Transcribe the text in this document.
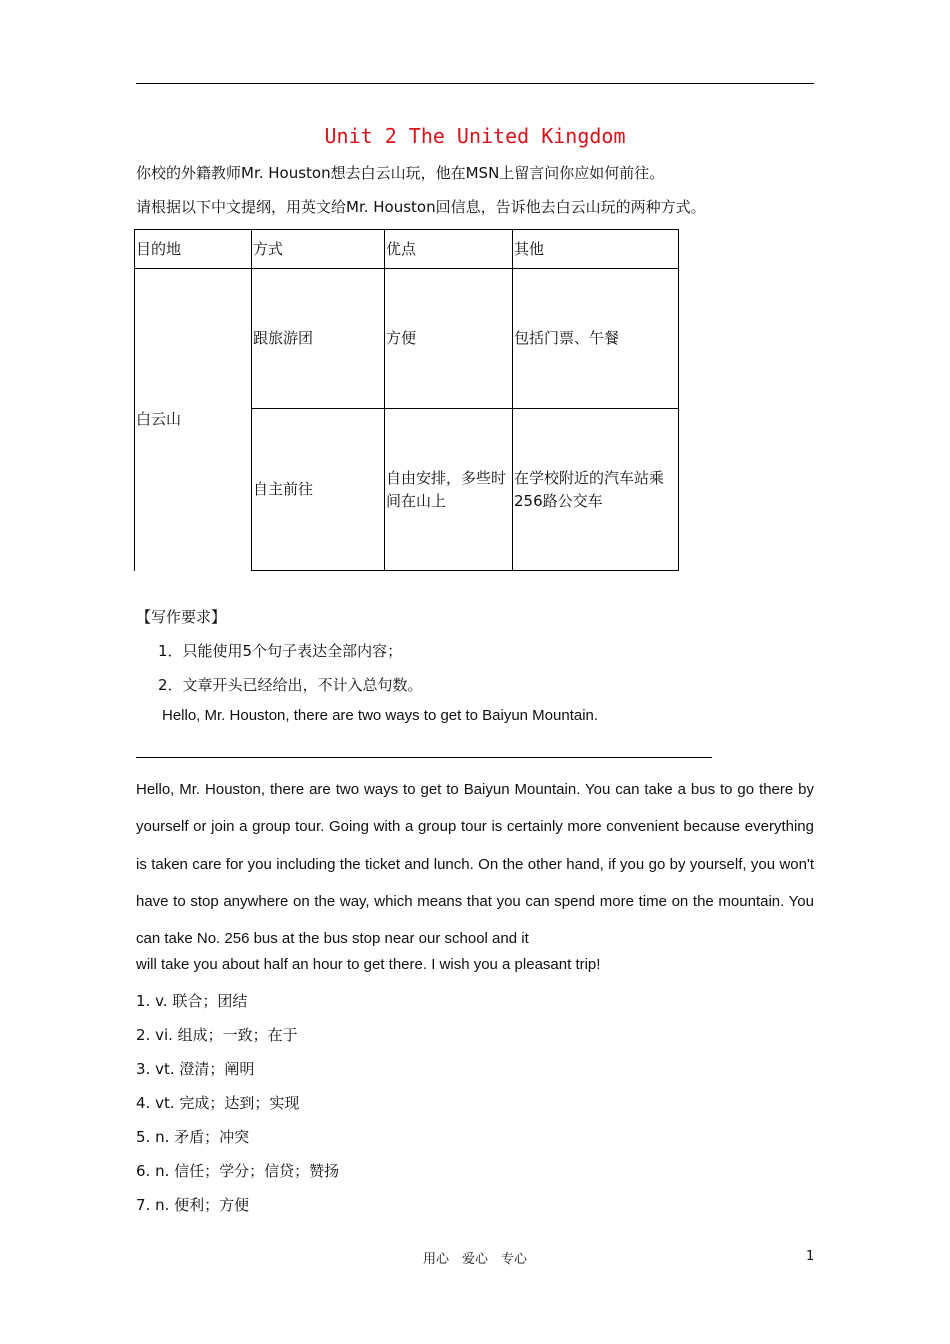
Unit 2 The United Kingdom
你校的外籍教师Mr. Houston想去白云山玩，他在MSN上留言问你应如何前往。
请根据以下中文提纲，用英文给Mr. Houston回信息，告诉他去白云山玩的两种方式。
目的地	方式	优点	其他
白云山	跟旅游团	方便	包括门票、午餐
	自主前往	自由安排，多些时间在山上	在学校附近的汽车站乘256路公交车
【写作要求】
1．只能使用5个句子表达全部内容；
2．文章开头已经给出，不计入总句数。
Hello, Mr. Houston, there are two ways to get to Baiyun Mountain.
Hello, Mr. Houston, there are two ways to get to Baiyun Mountain. You can take a bus to go there by yourself or join a group tour. Going with a group tour is certainly more convenient because everything is taken care for you including the ticket and lunch. On the other hand, if you go by yourself, you won't have to stop anywhere on the way, which means that you can spend more time on the mountain. You can take No. 256 bus at the bus stop near our school and it
will take you about half an hour to get there. I wish you a pleasant trip!
1. v. 联合；团结
2. vi. 组成；一致；在于
3. vt. 澄清；阐明
4. vt. 完成；达到；实现
5. n. 矛盾；冲突
6. n. 信任；学分；信贷；赞扬
7. n. 便利；方便
用心　爱心　专心	1
